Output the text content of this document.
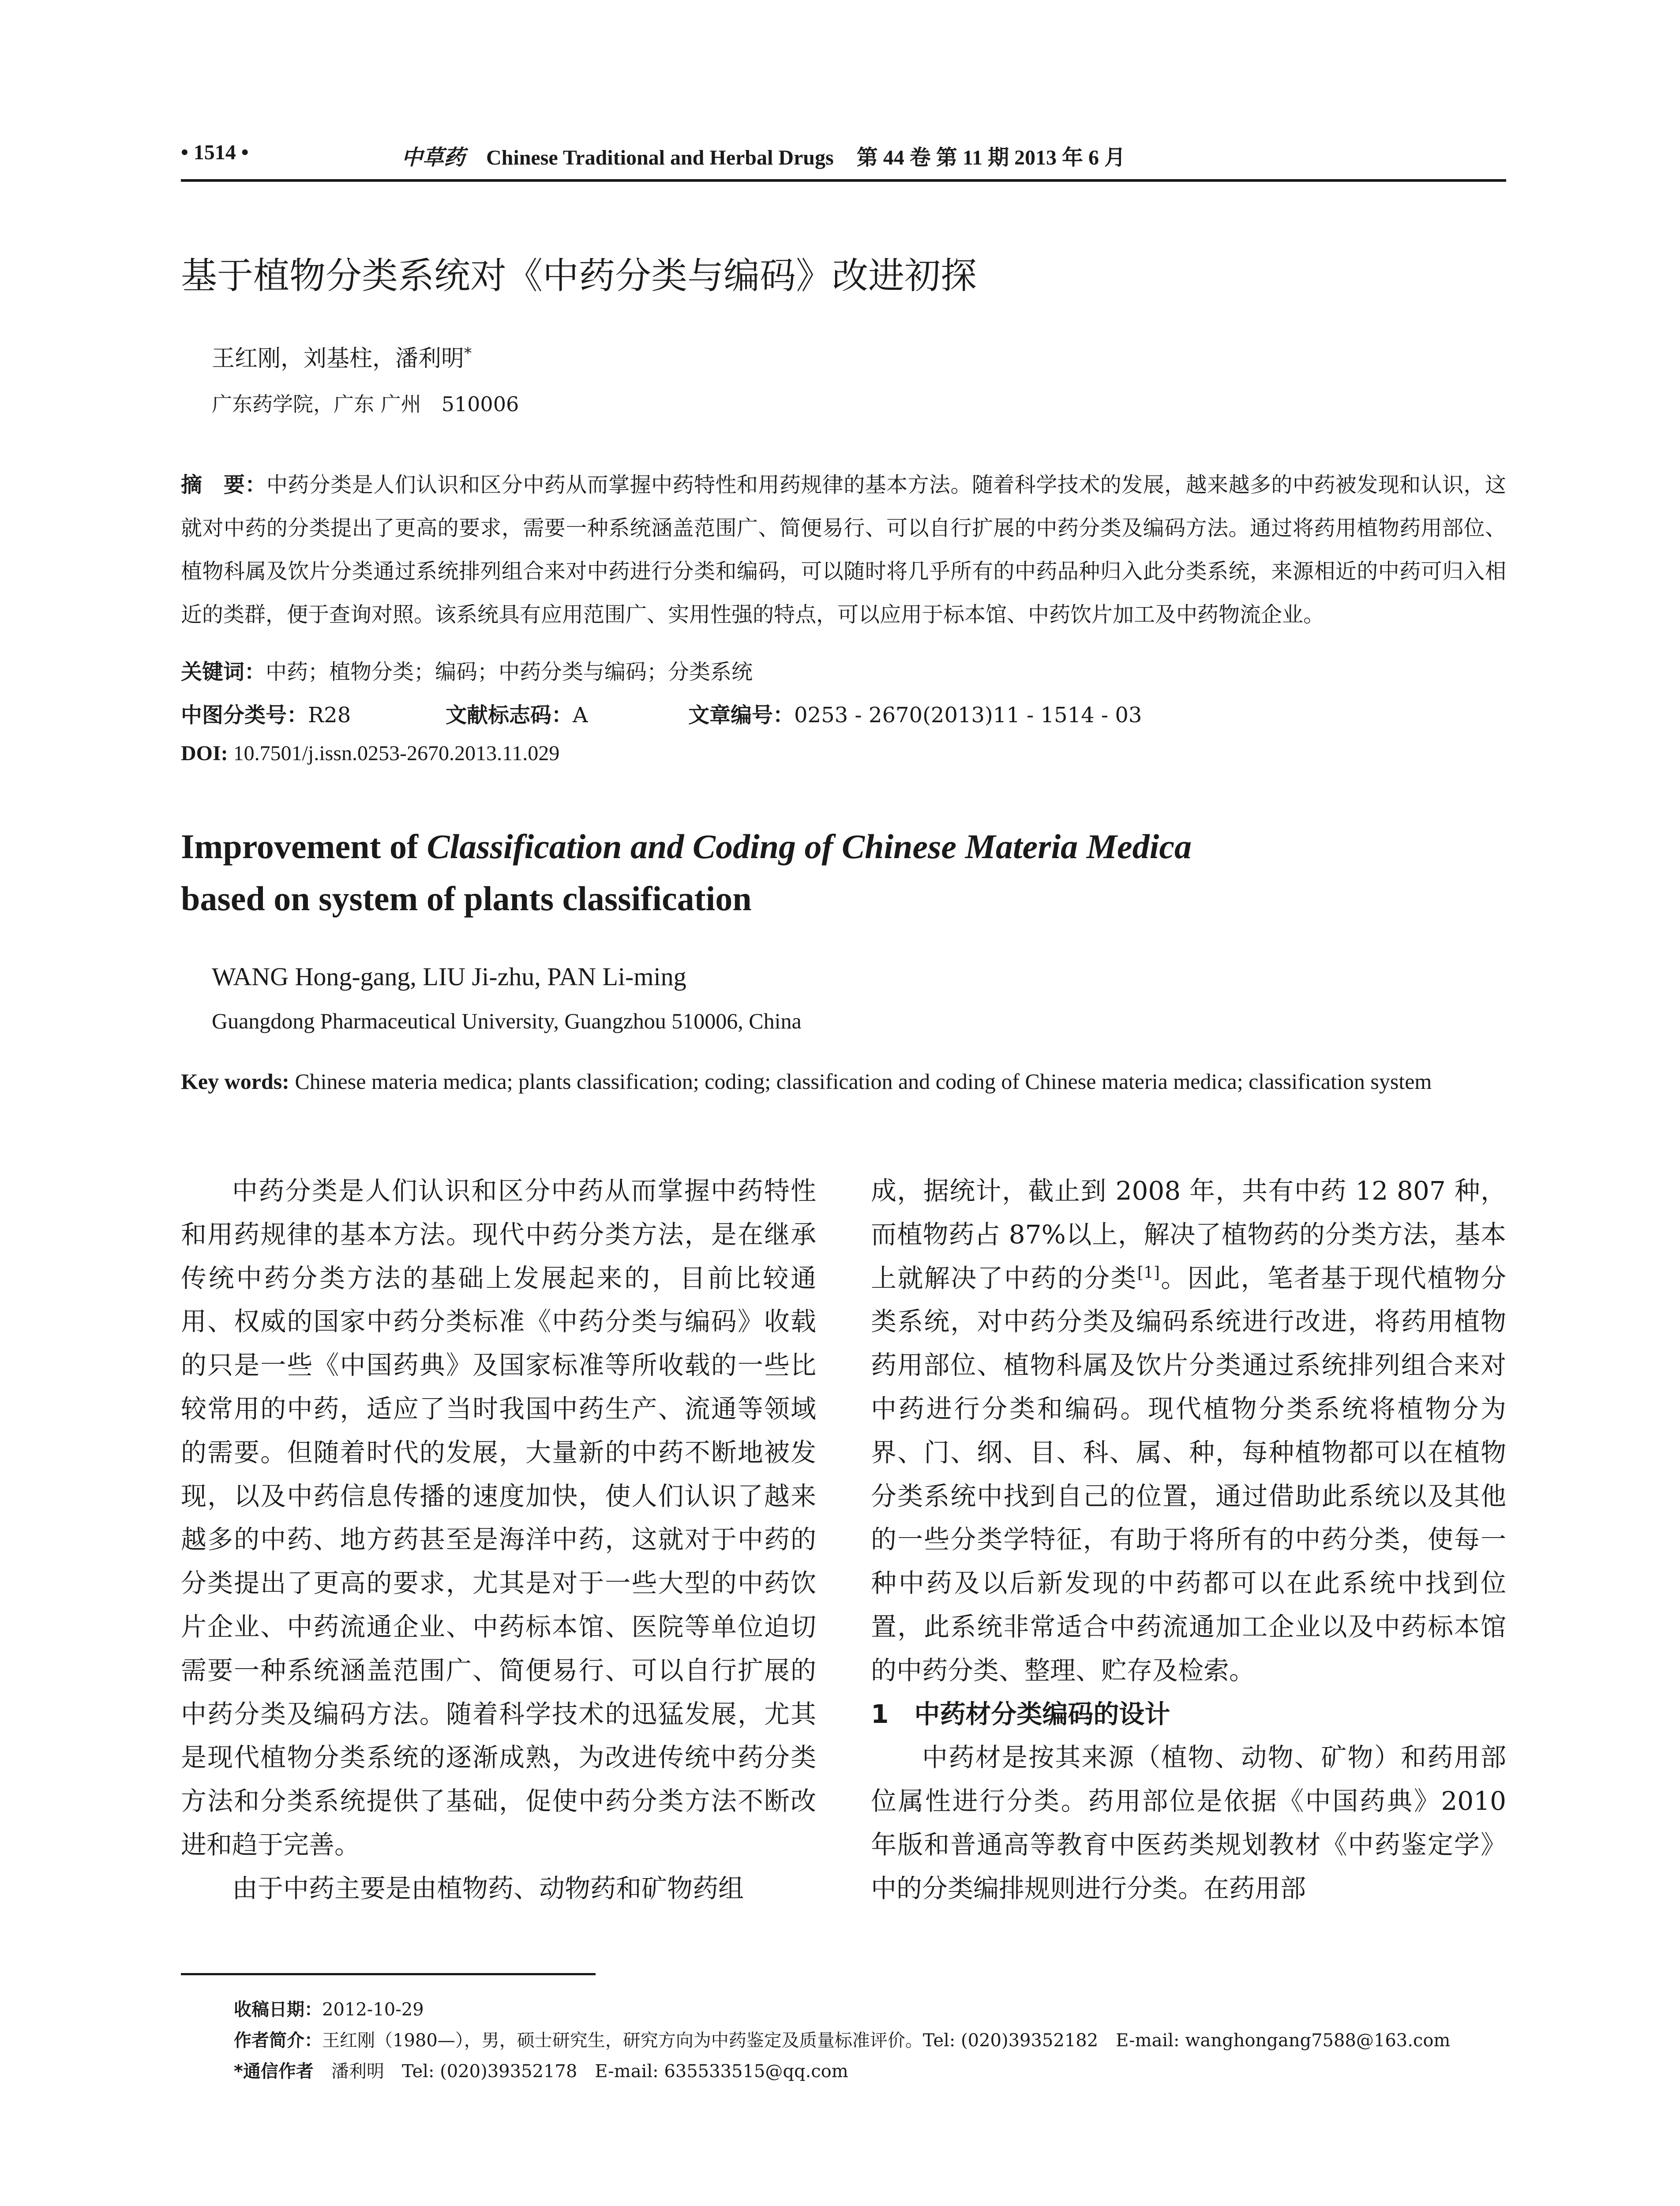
• 1514 •	中草药 Chinese Traditional and Herbal Drugs 第 44 卷 第 11 期 2013 年 6 月
基于植物分类系统对《中药分类与编码》改进初探
王红刚，刘基柱，潘利明*
广东药学院，广东 广州　510006
摘　要：中药分类是人们认识和区分中药从而掌握中药特性和用药规律的基本方法。随着科学技术的发展，越来越多的中药被发现和认识，这就对中药的分类提出了更高的要求，需要一种系统涵盖范围广、简便易行、可以自行扩展的中药分类及编码方法。通过将药用植物药用部位、植物科属及饮片分类通过系统排列组合来对中药进行分类和编码，可以随时将几乎所有的中药品种归入此分类系统，来源相近的中药可归入相近的类群，便于查询对照。该系统具有应用范围广、实用性强的特点，可以应用于标本馆、中药饮片加工及中药物流企业。
关键词：中药；植物分类；编码；中药分类与编码；分类系统
中图分类号：R28	文献标志码：A	文章编号：0253 - 2670(2013)11 - 1514 - 03
DOI: 10.7501/j.issn.0253-2670.2013.11.029
Improvement of Classification and Coding of Chinese Materia Medica
based on system of plants classification
WANG Hong-gang, LIU Ji-zhu, PAN Li-ming
Guangdong Pharmaceutical University, Guangzhou 510006, China
Key words: Chinese materia medica; plants classification; coding; classification and coding of Chinese materia medica; classification system

中药分类是人们认识和区分中药从而掌握中药特性和用药规律的基本方法。现代中药分类方法，是在继承传统中药分类方法的基础上发展起来的，目前比较通用、权威的国家中药分类标准《中药分类与编码》收载的只是一些《中国药典》及国家标准等所收载的一些比较常用的中药，适应了当时我国中药生产、流通等领域的需要。但随着时代的发展，大量新的中药不断地被发现，以及中药信息传播的速度加快，使人们认识了越来越多的中药、地方药甚至是海洋中药，这就对于中药的分类提出了更高的要求，尤其是对于一些大型的中药饮片企业、中药流通企业、中药标本馆、医院等单位迫切需要一种系统涵盖范围广、简便易行、可以自行扩展的中药分类及编码方法。随着科学技术的迅猛发展，尤其是现代植物分类系统的逐渐成熟，为改进传统中药分类方法和分类系统提供了基础，促使中药分类方法不断改进和趋于完善。

由于中药主要是由植物药、动物药和矿物药组

成，据统计，截止到 2008 年，共有中药 12 807 种，而植物药占 87%以上，解决了植物药的分类方法，基本上就解决了中药的分类[1]。因此，笔者基于现代植物分类系统，对中药分类及编码系统进行改进，将药用植物药用部位、植物科属及饮片分类通过系统排列组合来对中药进行分类和编码。现代植物分类系统将植物分为界、门、纲、目、科、属、种，每种植物都可以在植物分类系统中找到自己的位置，通过借助此系统以及其他的一些分类学特征，有助于将所有的中药分类，使每一种中药及以后新发现的中药都可以在此系统中找到位置，此系统非常适合中药流通加工企业以及中药标本馆的中药分类、整理、贮存及检索。

1　中药材分类编码的设计

中药材是按其来源（植物、动物、矿物）和药用部位属性进行分类。药用部位是依据《中国药典》2010 年版和普通高等教育中医药类规划教材《中药鉴定学》中的分类编排规则进行分类。在药用部

收稿日期：2012-10-29
作者简介：王红刚（1980—），男，硕士研究生，研究方向为中药鉴定及质量标准评价。Tel: (020)39352182　E-mail: wanghongang7588@163.com
*通信作者　 潘利明　Tel: (020)39352178　E-mail: 635533515@qq.com
